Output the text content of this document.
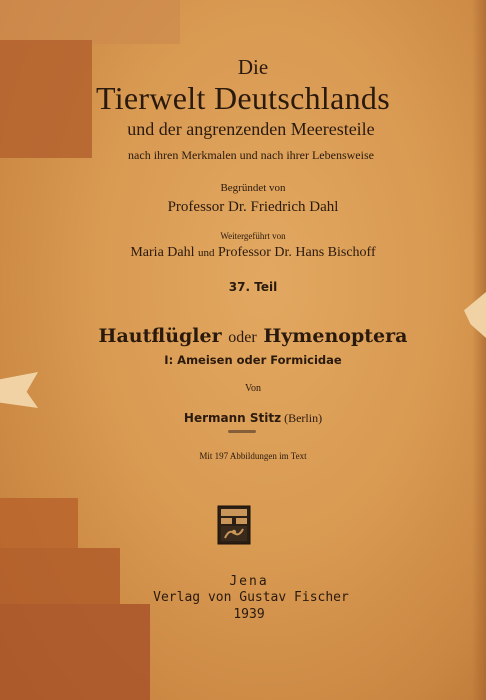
Die
Tierwelt Deutschlands
und der angrenzenden Meeresteile
nach ihren Merkmalen und nach ihrer Lebensweise
Begründet von
Professor Dr. Friedrich Dahl
Weitergeführt von
Maria Dahl und Professor Dr. Hans Bischoff
37. Teil
Hautflügler oder Hymenoptera
I: Ameisen oder Formicidae
Von
Hermann Stitz (Berlin)
Mit 197 Abbildungen im Text
Jena
Verlag von Gustav Fischer
1939
